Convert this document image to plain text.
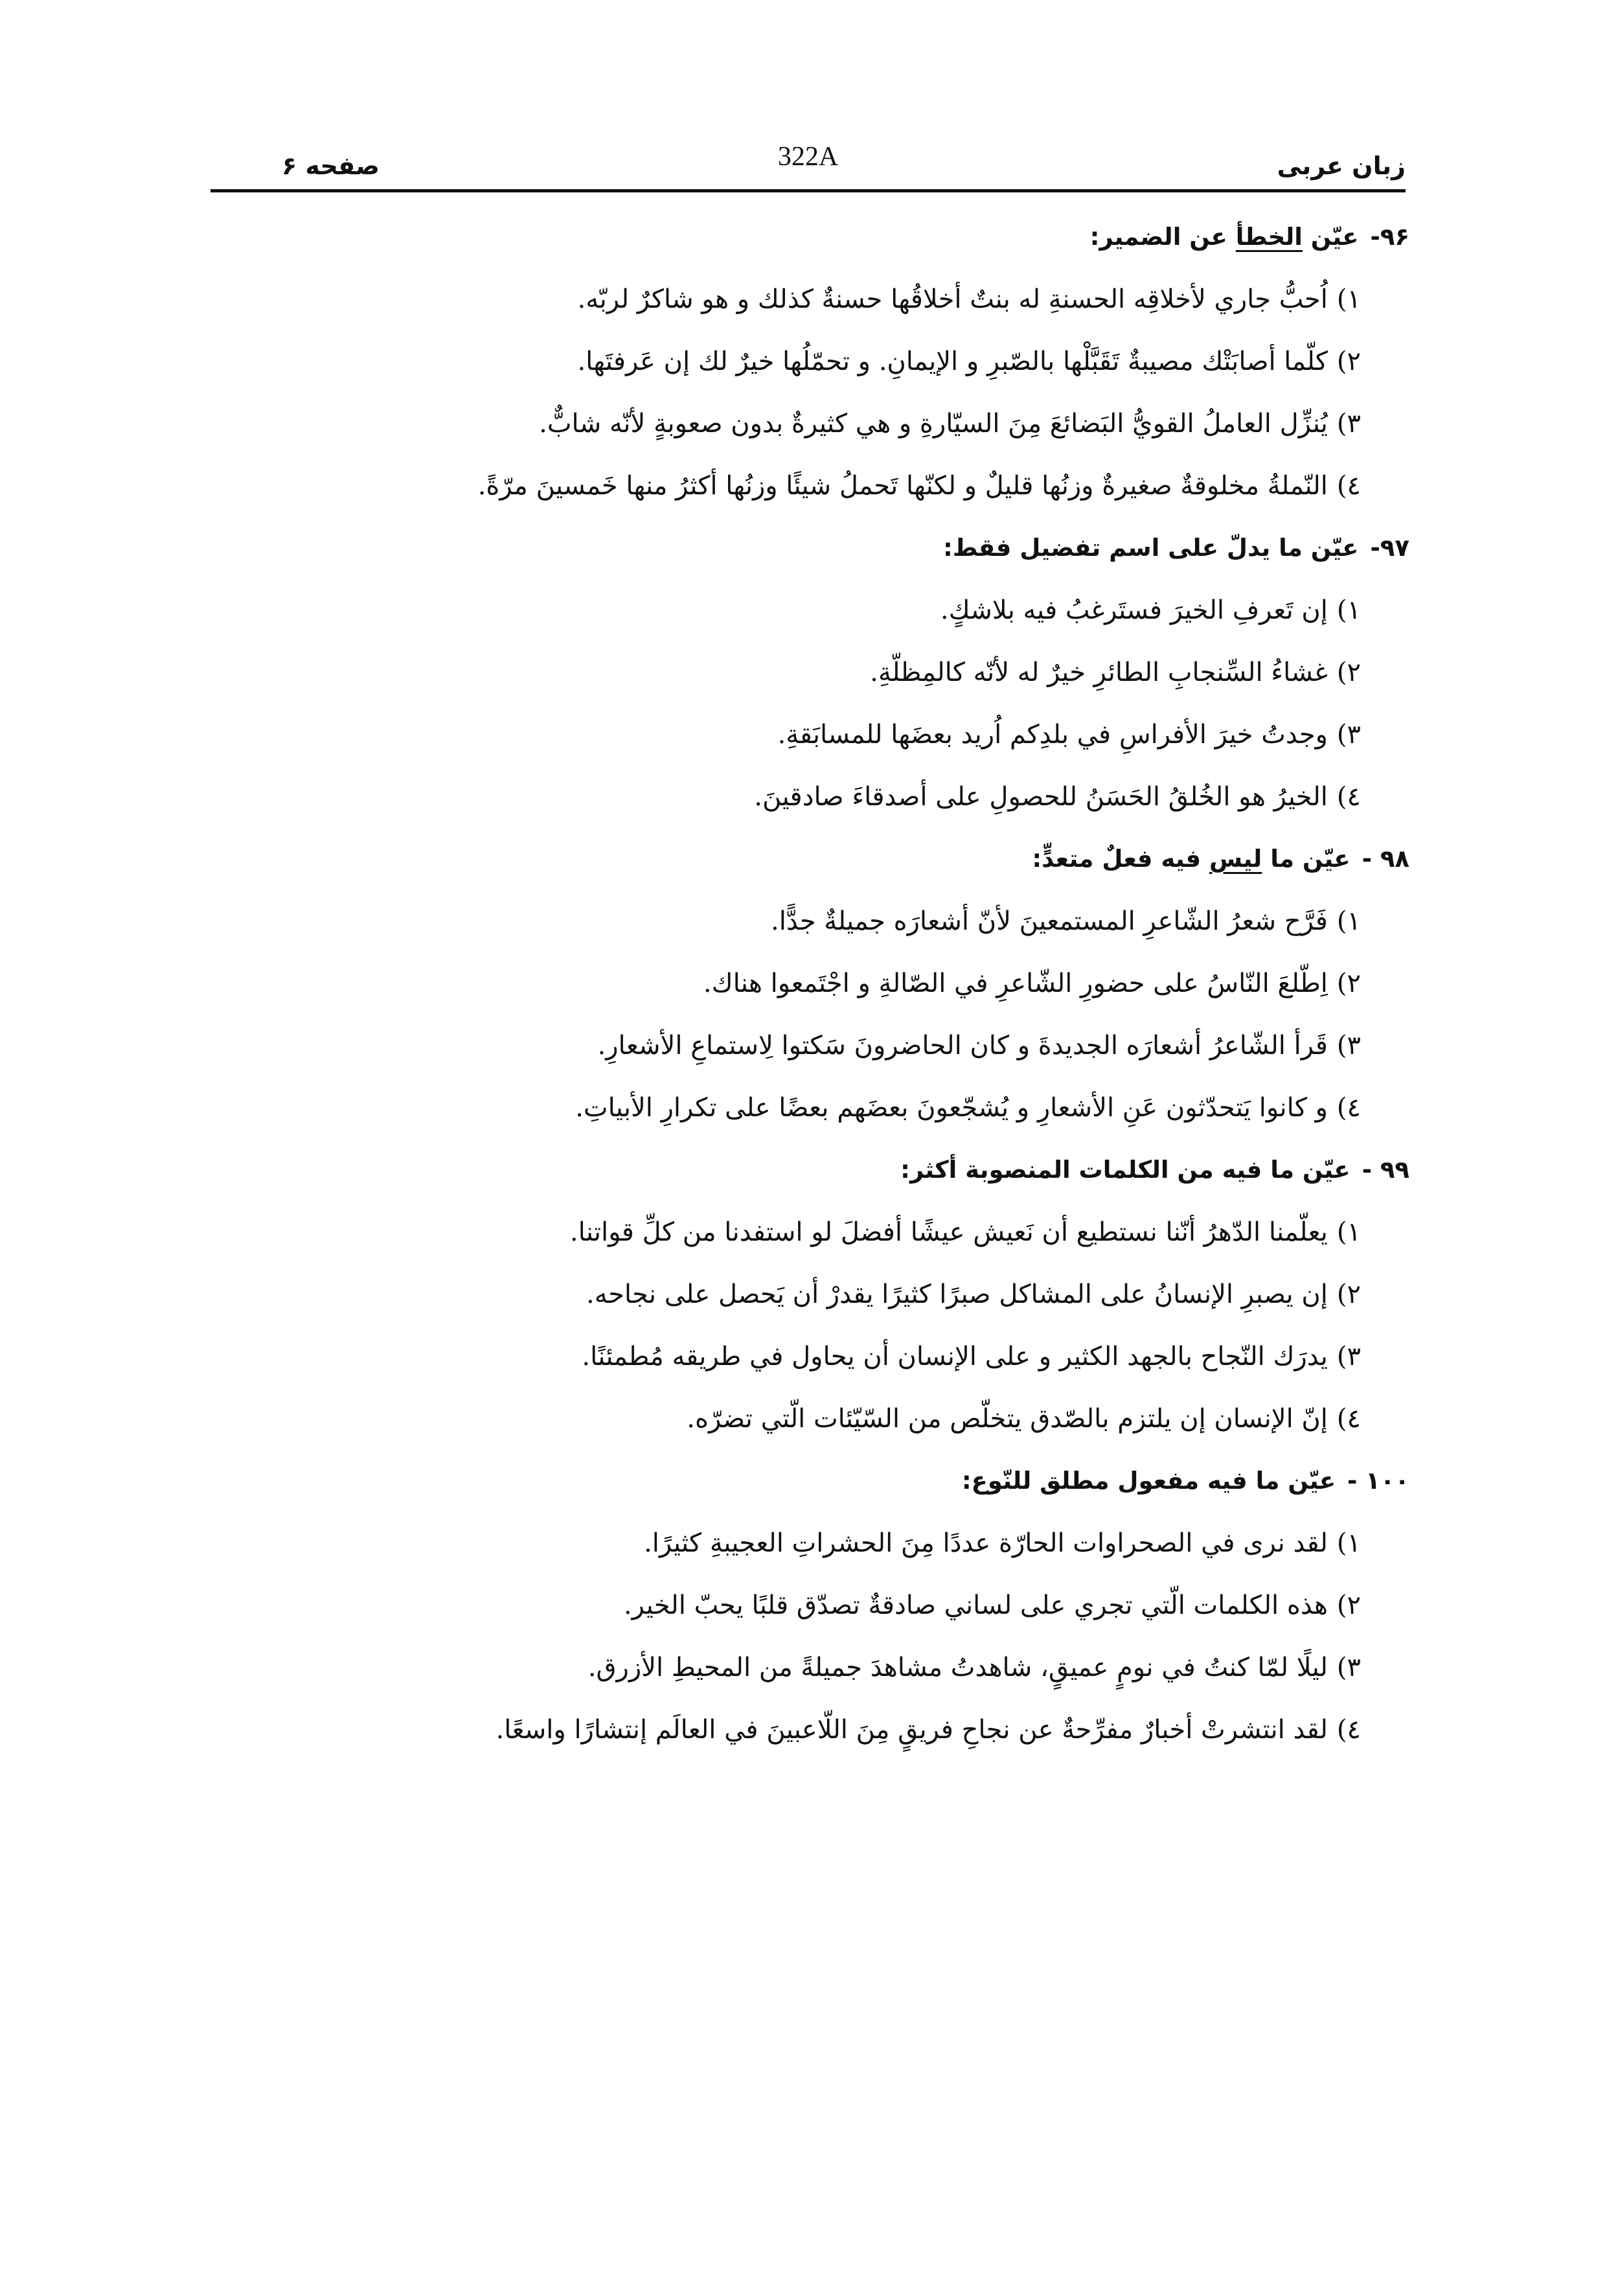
زبان عربی
322A
صفحه ۶
۹۶-عيّن الخطأ عن الضمير:
۱)اُحبُّ جاري لأخلاقِه الحسنةِ له بنتٌ أخلاقُها حسنةٌ كذلك و هو شاكرٌ لربّه.
۲)كلّما أصابَتْك مصيبةٌ تَقَبَّلْها بالصّبرِ و الإيمانِ. و تحمّلُها خيرٌ لك إن عَرفتَها.
۳)يُنزِّل العاملُ القويُّ البَضائعَ مِنَ السيّارةِ و هي كثيرةٌ بدون صعوبةٍ لأنّه شابٌّ.
٤)النّملةُ مخلوقةٌ صغيرةٌ وزنُها قليلٌ و لكنّها تَحملُ شيئًا وزنُها أكثرُ منها خَمسينَ مرّةً.
۹۷-عيّن ما يدلّ على اسم تفضيل فقط:
۱)إن تَعرفِ الخيرَ فستَرغبُ فيه بلاشكٍ.
۲)غشاءُ السِّنجابِ الطائرِ خيرٌ له لأنّه كالمِظلّةِ.
۳)وجدتُ خيرَ الأفراسِ في بلدِكم اُريد بعضَها للمسابَقةِ.
٤)الخيرُ هو الخُلقُ الحَسَنُ للحصولِ على أصدقاءَ صادقينَ.
۹۸ -عيّن ما ليس فيه فعلٌ متعدٍّ:
۱)فَرَّح شعرُ الشّاعرِ المستمعينَ لأنّ أشعارَه جميلةٌ جدًّا.
۲)اِطّلعَ النّاسُ على حضورِ الشّاعرِ في الصّالةِ و اجْتَمعوا هناك.
۳)قَرأ الشّاعرُ أشعارَه الجديدةَ و كان الحاضرونَ سَكتوا لِاستماعِ الأشعارِ.
٤)و كانوا يَتحدّثون عَنِ الأشعارِ و يُشجّعونَ بعضَهم بعضًا على تكرارِ الأبياتِ.
۹۹ -عيّن ما فيه من الكلمات المنصوبة أكثر:
۱)يعلّمنا الدّهرُ أنّنا نستطيع أن نَعيش عيشًا أفضلَ لو استفدنا من كلِّ قواتنا.
۲)إن يصبرِ الإنسانُ على المشاكل صبرًا كثيرًا يقدرْ أن يَحصل على نجاحه.
۳)يدرَك النّجاح بالجهد الكثير و على الإنسان أن يحاول في طريقه مُطمئنًا.
٤)إنّ الإنسان إن يلتزم بالصّدق يتخلّص من السّيّئات الّتي تضرّه.
۱۰۰ -عيّن ما فيه مفعول مطلق للنّوع:
۱)لقد نرى في الصحراوات الحارّة عددًا مِنَ الحشراتِ العجيبةِ كثيرًا.
۲)هذه الكلمات الّتي تجري على لساني صادقةٌ تصدّق قلبًا يحبّ الخير.
۳)ليلًا لمّا كنتُ في نومٍ عميقٍ، شاهدتُ مشاهدَ جميلةً من المحيطِ الأزرق.
٤)لقد انتشرتْ أخبارٌ مفرِّحةٌ عن نجاحِ فريقٍ مِنَ اللّاعبينَ في العالَم إنتشارًا واسعًا.
